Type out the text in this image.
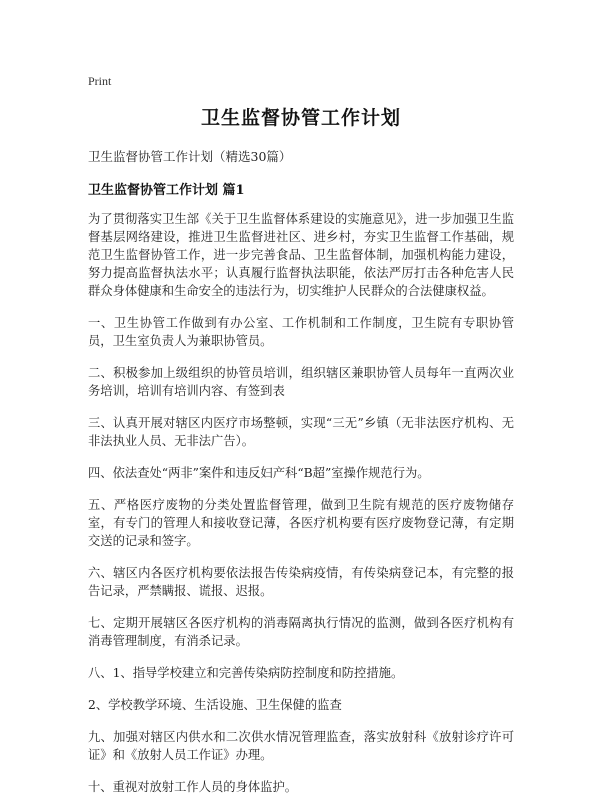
Print
卫生监督协管工作计划
卫生监督协管工作计划（精选30篇）
卫生监督协管工作计划 篇1

为了贯彻落实卫生部《关于卫生监督体系建设的实施意见》，进一步加强卫生监督基层网络建设，推进卫生监督进社区、进乡村，夯实卫生监督工作基础，规范卫生监督协管工作，进一步完善食品、卫生监督体制，加强机构能力建设，努力提高监督执法水平；认真履行监督执法职能，依法严厉打击各种危害人民群众身体健康和生命安全的违法行为，切实维护人民群众的合法健康权益。

一、卫生协管工作做到有办公室、工作机制和工作制度，卫生院有专职协管员，卫生室负责人为兼职协管员。

二、积极参加上级组织的协管员培训，组织辖区兼职协管人员每年一直两次业务培训，培训有培训内容、有签到表

三、认真开展对辖区内医疗市场整顿，实现“三无”乡镇（无非法医疗机构、无非法执业人员、无非法广告）。

四、依法查处“两非”案件和违反妇产科“B超”室操作规范行为。

五、严格医疗废物的分类处置监督管理，做到卫生院有规范的医疗废物储存室，有专门的管理人和接收登记薄，各医疗机构要有医疗废物登记薄，有定期交送的记录和签字。

六、辖区内各医疗机构要依法报告传染病疫情，有传染病登记本，有完整的报告记录，严禁瞒报、谎报、迟报。

七、定期开展辖区各医疗机构的消毒隔离执行情况的监测，做到各医疗机构有消毒管理制度，有消杀记录。

八、1、指导学校建立和完善传染病防控制度和防控措施。

2、学校教学环境、生活设施、卫生保健的监查

九、加强对辖区内供水和二次供水情况管理监查，落实放射科《放射诊疗许可证》和《放射人员工作证》办理。

十、重视对放射工作人员的身体监护。
